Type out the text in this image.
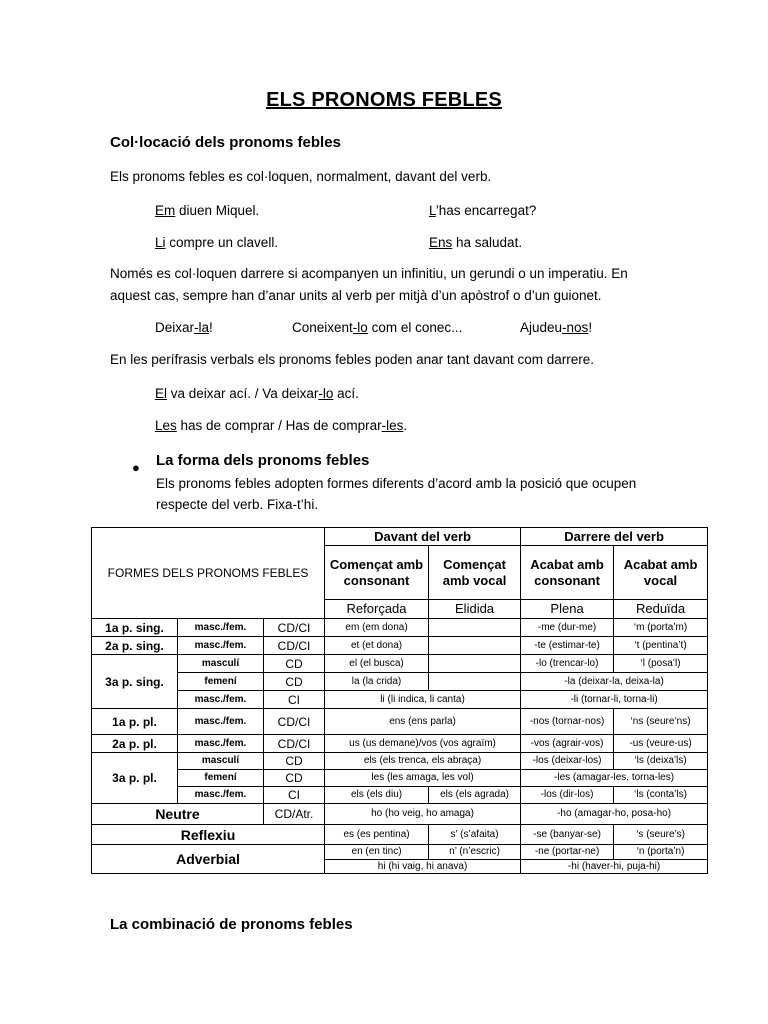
ELS PRONOMS FEBLES
Col·locació dels pronoms febles
Els pronoms febles es col·loquen, normalment, davant del verb.
Em diuen Miquel.	L’has encarregat?
Li compre un clavell.	Ens ha saludat.
Només es col·loquen darrere si acompanyen un infinitiu, un gerundi o un imperatiu. En aquest cas, sempre han d’anar units al verb per mitjà d’un apòstrof o d’un guionet.
Deixar-la!	Coneixent-lo com el conec...	Ajudeu-nos!
En les perífrasis verbals els pronoms febles poden anar tant davant com darrere.
El va deixar ací. / Va deixar-lo ací.
Les has de comprar / Has de comprar-les.
● La forma dels pronoms febles
Els pronoms febles adopten formes diferents d’acord amb la posició que ocupen respecte del verb. Fixa-t’hi.
FORMES DELS PRONOMS FEBLES			Davant del verb		Darrere del verb	
			Començat amb consonant	Començat amb vocal	Acabat amb consonant	Acabat amb vocal
			Reforçada	Elidida	Plena	Reduïda
1a p. sing.	masc./fem.	CD/CI	em (em dona)		-me (dur-me)	‘m (porta’m)
2a p. sing.	masc./fem.	CD/CI	et (et dona)		-te (estimar-te)	‘t (pentina’t)
3a p. sing.	masculí	CD	el (el busca)		-lo (trencar-lo)	‘l (posa’l)
	femení	CD	la (la crida)		-la (deixar-la, deixa-la)	
	masc./fem.	CI	li (li indica, li canta)		-li (tornar-li, torna-li)	
1a p. pl.	masc./fem.	CD/CI	ens (ens parla)		-nos (tornar-nos)	‘ns (seure’ns)
2a p. pl.	masc./fem.	CD/CI	us (us demane)/vos (vos agraïm)		-vos (agrair-vos)	-us (veure-us)
3a p. pl.	masculí	CD	els (els trenca, els abraça)		-los (deixar-los)	‘ls (deixa’ls)
	femení	CD	les (les amaga, les vol)		-les (amagar-les, torna-les)	
	masc./fem.	CI	els (els diu)	els (els agrada)	-los (dir-los)	‘ls (conta’ls)
Neutre		CD/Atr.	ho (ho veig, ho amaga)		-ho (amagar-ho, posa-ho)	
Reflexiu			es (es pentina)	s’ (s’afaita)	-se (banyar-se)	‘s (seure’s)
Adverbial			en (en tinc)	n’ (n’escric)	-ne (portar-ne)	‘n (porta’n)
			hi (hi vaig, hi anava)		-hi (haver-hi, puja-hi)	
La combinació de pronoms febles
